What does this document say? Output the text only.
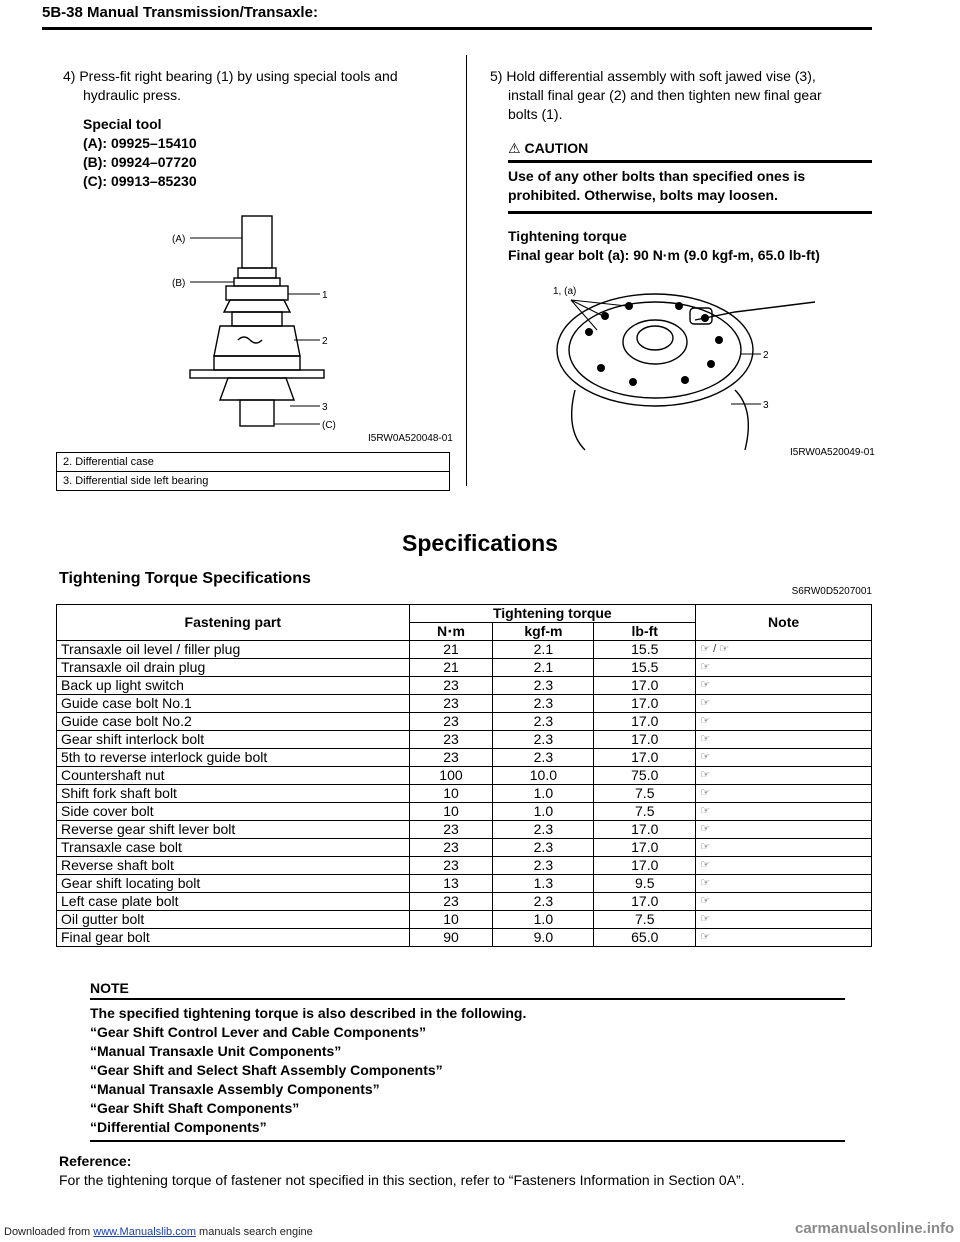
5B-38 Manual Transmission/Transaxle:
4) Press-fit right bearing (1) by using special tools and
hydraulic press.
Special tool
(A): 09925–15410
(B): 09924–07720
(C): 09913–85230
(A)
(B)
1
2
3
(C)
I5RW0A520048-01
2. Differential case
3. Differential side left bearing
5) Hold differential assembly with soft jawed vise (3),
install final gear (2) and then tighten new final gear
bolts (1).
⚠ CAUTION
Use of any other bolts than specified ones is
prohibited. Otherwise, bolts may loosen.
Tightening torque
Final gear bolt (a): 90 N·m (9.0 kgf-m, 65.0 lb-ft)
1, (a)
2
3
I5RW0A520049-01
Specifications
Tightening Torque Specifications
S6RW0D5207001
Fastening part	Tightening torque			Note
	N⋅m	kgf-m	lb-ft	
Transaxle oil level / filler plug	21	2.1	15.5	☞ / ☞
Transaxle oil drain plug	21	2.1	15.5	☞
Back up light switch	23	2.3	17.0	☞
Guide case bolt No.1	23	2.3	17.0	☞
Guide case bolt No.2	23	2.3	17.0	☞
Gear shift interlock bolt	23	2.3	17.0	☞
5th to reverse interlock guide bolt	23	2.3	17.0	☞
Countershaft nut	100	10.0	75.0	☞
Shift fork shaft bolt	10	1.0	7.5	☞
Side cover bolt	10	1.0	7.5	☞
Reverse gear shift lever bolt	23	2.3	17.0	☞
Transaxle case bolt	23	2.3	17.0	☞
Reverse shaft bolt	23	2.3	17.0	☞
Gear shift locating bolt	13	1.3	9.5	☞
Left case plate bolt	23	2.3	17.0	☞
Oil gutter bolt	10	1.0	7.5	☞
Final gear bolt	90	9.0	65.0	☞
NOTE
The specified tightening torque is also described in the following.
“Gear Shift Control Lever and Cable Components”
“Manual Transaxle Unit Components”
“Gear Shift and Select Shaft Assembly Components”
“Manual Transaxle Assembly Components”
“Gear Shift Shaft Components”
“Differential Components”
Reference:
For the tightening torque of fastener not specified in this section, refer to “Fasteners Information in Section 0A”.
Downloaded from www.Manualslib.com manuals search engine	carmanualsonline.info
